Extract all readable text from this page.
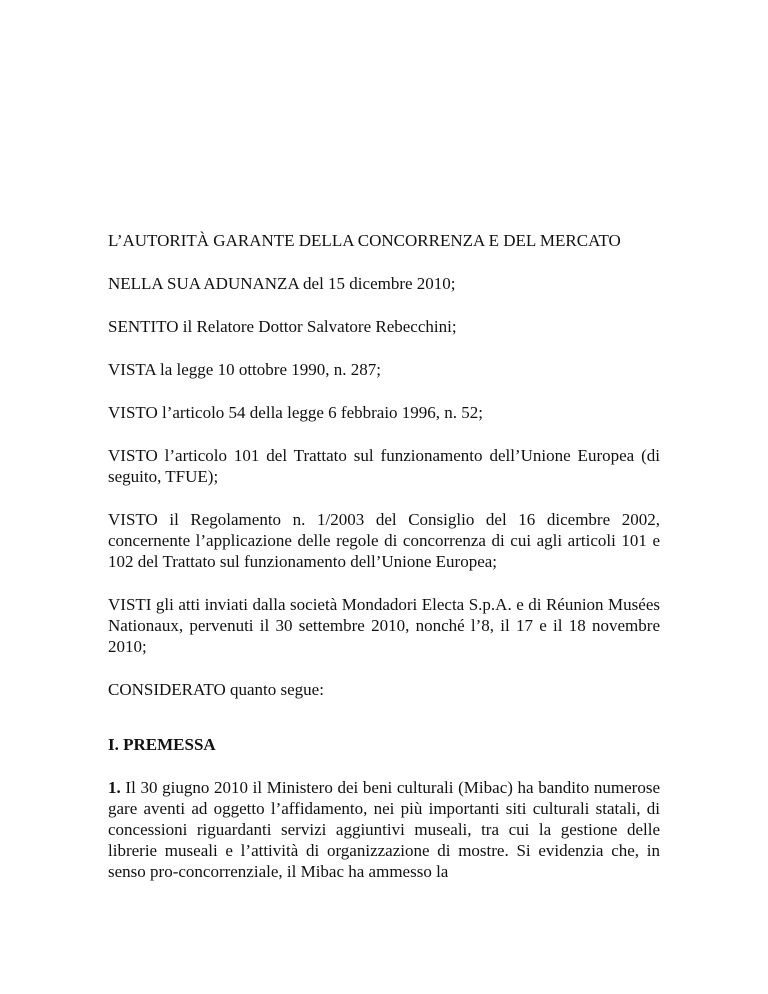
L’AUTORITÀ GARANTE DELLA CONCORRENZA E DEL MERCATO

NELLA SUA ADUNANZA del 15 dicembre 2010;

SENTITO il Relatore Dottor Salvatore Rebecchini;

VISTA la legge 10 ottobre 1990, n. 287;

VISTO l’articolo 54 della legge 6 febbraio 1996, n. 52;

VISTO l’articolo 101 del Trattato sul funzionamento dell’Unione Europea (di seguito, TFUE);

VISTO il Regolamento n. 1/2003 del Consiglio del 16 dicembre 2002, concernente l’applicazione delle regole di concorrenza di cui agli articoli 101 e 102 del Trattato sul funzionamento dell’Unione Europea;

VISTI gli atti inviati dalla società Mondadori Electa S.p.A. e di Réunion Musées Nationaux, pervenuti il 30 settembre 2010, nonché l’8, il 17 e il 18 novembre 2010;

CONSIDERATO quanto segue:

I. PREMESSA

1. Il 30 giugno 2010 il Ministero dei beni culturali (Mibac) ha bandito numerose gare aventi ad oggetto l’affidamento, nei più importanti siti culturali statali, di concessioni riguardanti servizi aggiuntivi museali, tra cui la gestione delle librerie museali e l’attività di organizzazione di mostre. Si evidenzia che, in senso pro-concorrenziale, il Mibac ha ammesso la
